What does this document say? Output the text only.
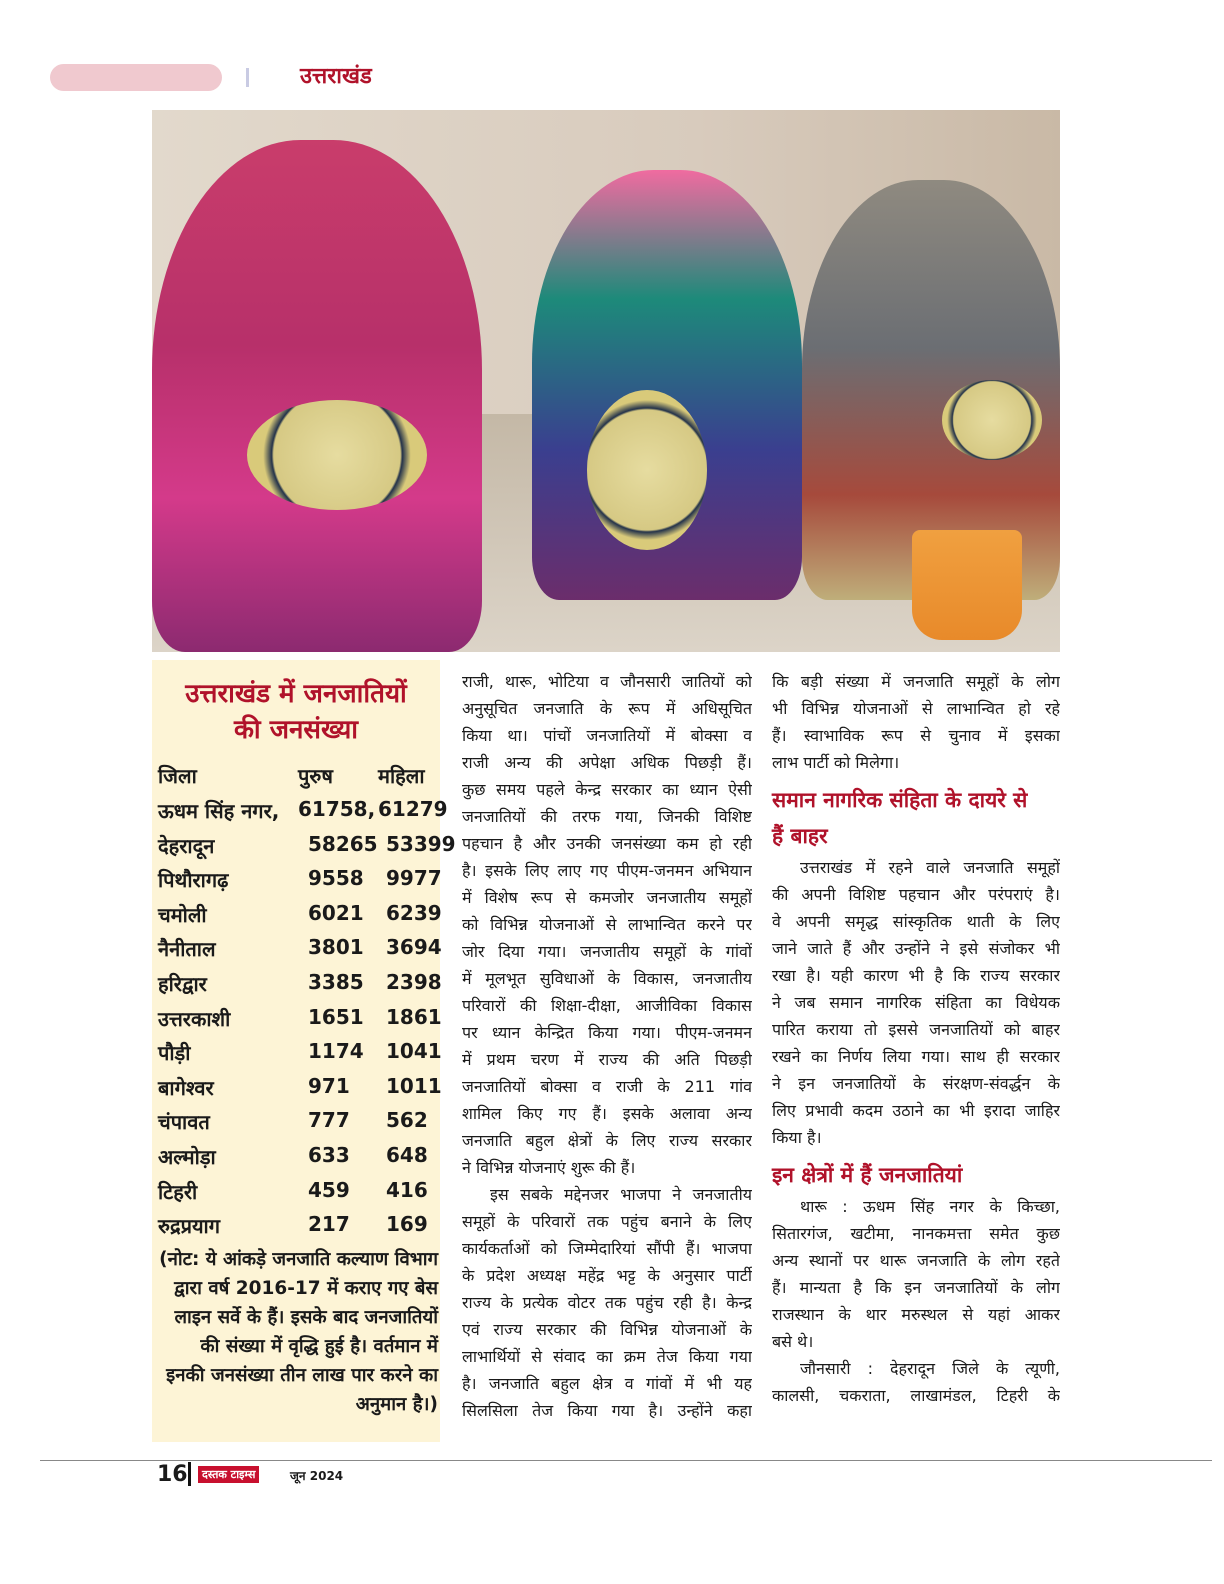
उत्तराखंड
उत्तराखंड में जनजातियों
की जनसंख्या
जिला	पुरुष महिला
ऊधम सिंह नगर, 61758, 61279
देहरादून	58265 53399
पिथौरागढ़	9558 9977
चमोली	6021 6239
नैनीताल	3801 3694
हरिद्वार	3385 2398
उत्तरकाशी	1651 1861
पौड़ी	1174 1041
बागेश्वर	971 1011
चंपावत	777 562
अल्मोड़ा	633 648
टिहरी	459 416
रुद्रप्रयाग	217 169
(नोट: ये आंकड़े जनजाति कल्याण विभाग द्वारा वर्ष 2016-17 में कराए गए बेस लाइन सर्वे के हैं। इसके बाद जनजातियों की संख्या में वृद्धि हुई है। वर्तमान में इनकी जनसंख्या तीन लाख पार करने का अनुमान है।)
राजी, थारू, भोटिया व जौनसारी जातियों को
अनुसूचित जनजाति के रूप में अधिसूचित
किया था। पांचों जनजातियों में बोक्सा व
राजी अन्य की अपेक्षा अधिक पिछड़ी हैं।
कुछ समय पहले केन्द्र सरकार का ध्यान ऐसी
जनजातियों की तरफ गया, जिनकी विशिष्ट
पहचान है और उनकी जनसंख्या कम हो रही
है। इसके लिए लाए गए पीएम-जनमन अभियान
में विशेष रूप से कमजोर जनजातीय समूहों
को विभिन्न योजनाओं से लाभान्वित करने पर
जोर दिया गया। जनजातीय समूहों के गांवों
में मूलभूत सुविधाओं के विकास, जनजातीय
परिवारों की शिक्षा-दीक्षा, आजीविका विकास
पर ध्यान केन्द्रित किया गया। पीएम-जनमन
में प्रथम चरण में राज्य की अति पिछड़ी
जनजातियों बोक्सा व राजी के 211 गांव
शामिल किए गए हैं। इसके अलावा अन्य
जनजाति बहुल क्षेत्रों के लिए राज्य सरकार
ने विभिन्न योजनाएं शुरू की हैं।
इस सबके मद्देनजर भाजपा ने जनजातीय
समूहों के परिवारों तक पहुंच बनाने के लिए
कार्यकर्ताओं को जिम्मेदारियां सौंपी हैं। भाजपा
के प्रदेश अध्यक्ष महेंद्र भट्ट के अनुसार पार्टी
राज्य के प्रत्येक वोटर तक पहुंच रही है। केन्द्र
एवं राज्य सरकार की विभिन्न योजनाओं के
लाभार्थियों से संवाद का क्रम तेज किया गया
है। जनजाति बहुल क्षेत्र व गांवों में भी यह
सिलसिला तेज किया गया है। उन्होंने कहा
कि बड़ी संख्या में जनजाति समूहों के लोग
भी विभिन्न योजनाओं से लाभान्वित हो रहे
हैं। स्वाभाविक रूप से चुनाव में इसका
लाभ पार्टी को मिलेगा।
समान नागरिक संहिता के दायरे से
हैं बाहर
उत्तराखंड में रहने वाले जनजाति समूहों
की अपनी विशिष्ट पहचान और परंपराएं है।
वे अपनी समृद्ध सांस्कृतिक थाती के लिए
जाने जाते हैं और उन्होंने ने इसे संजोकर भी
रखा है। यही कारण भी है कि राज्य सरकार
ने जब समान नागरिक संहिता का विधेयक
पारित कराया तो इससे जनजातियों को बाहर
रखने का निर्णय लिया गया। साथ ही सरकार
ने इन जनजातियों के संरक्षण-संवर्द्धन के
लिए प्रभावी कदम उठाने का भी इरादा जाहिर
किया है।
इन क्षेत्रों में हैं जनजातियां
थारू : ऊधम सिंह नगर के किच्छा,
सितारगंज, खटीमा, नानकमत्ता समेत कुछ
अन्य स्थानों पर थारू जनजाति के लोग रहते
हैं। मान्यता है कि इन जनजातियों के लोग
राजस्थान के थार मरुस्थल से यहां आकर
बसे थे।
जौनसारी : देहरादून जिले के त्यूणी,
कालसी, चकराता, लाखामंडल, टिहरी के
16	दस्तक टाइम्स	जून 2024
